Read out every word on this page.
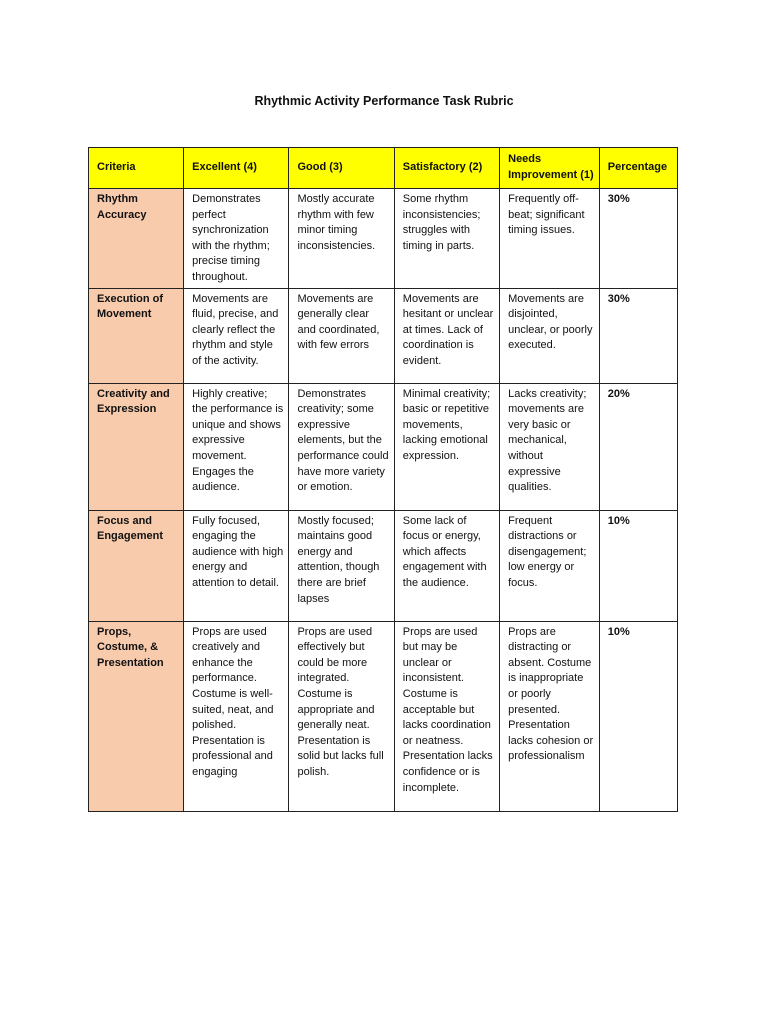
Rhythmic Activity Performance Task Rubric
Criteria	Excellent (4)	Good (3)	Satisfactory (2)	Needs Improvement (1)	Percentage
Rhythm Accuracy	Demonstrates perfect synchronization with the rhythm; precise timing throughout.	Mostly accurate rhythm with few minor timing inconsistencies.	Some rhythm inconsistencies; struggles with timing in parts.	Frequently off-beat; significant timing issues.	30%
Execution of Movement	Movements are fluid, precise, and clearly reflect the rhythm and style of the activity.	Movements are generally clear and coordinated, with few errors	Movements are hesitant or unclear at times. Lack of coordination is evident.	Movements are disjointed, unclear, or poorly executed.	30%
Creativity and Expression	Highly creative; the performance is unique and shows expressive movement. Engages the audience.	Demonstrates creativity; some expressive elements, but the performance could have more variety or emotion.	Minimal creativity; basic or repetitive movements, lacking emotional expression.	Lacks creativity; movements are very basic or mechanical, without expressive qualities.	20%
Focus and Engagement	Fully focused, engaging the audience with high energy and attention to detail.	Mostly focused; maintains good energy and attention, though there are brief lapses	Some lack of focus or energy, which affects engagement with the audience.	Frequent distractions or disengagement; low energy or focus.	10%
Props, Costume, & Presentation	Props are used creatively and enhance the performance. Costume is well-suited, neat, and polished. Presentation is professional and engaging	Props are used effectively but could be more integrated. Costume is appropriate and generally neat. Presentation is solid but lacks full polish.	Props are used but may be unclear or inconsistent. Costume is acceptable but lacks coordination or neatness. Presentation lacks confidence or is incomplete.	Props are distracting or absent. Costume is inappropriate or poorly presented. Presentation lacks cohesion or professionalism	10%
